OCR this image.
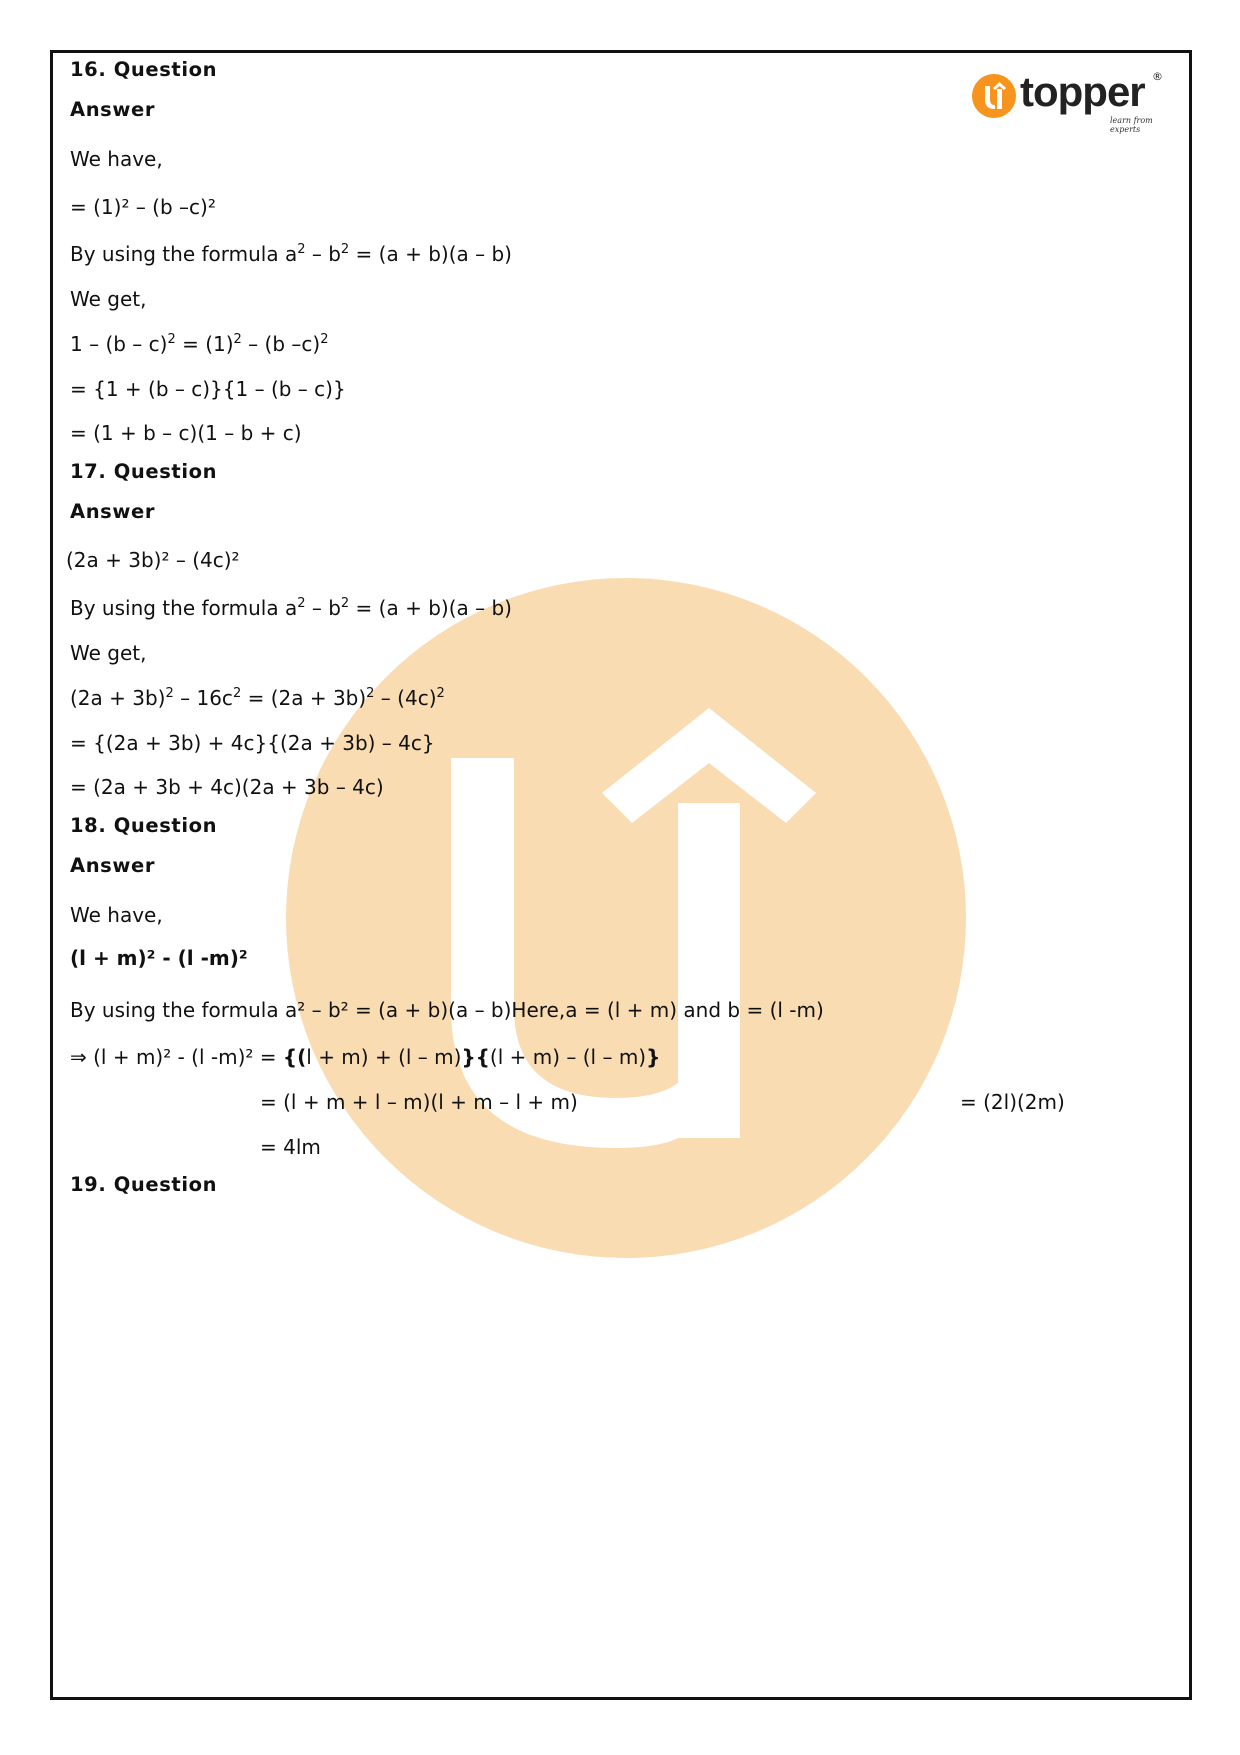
topper ®
learn from experts
16. Question
Answer
We have,
= (1)² – (b –c)²
By using the formula $a^2 - b^2 = (a + b)(a - b)$
We get,
$1 - (b - c)^2 = (1)^2 - (b$ –c)$^2$
= {1 + (b – c)}{1 – (b – c)}
= (1 + b – c)(1 – b + c)
17. Question
Answer
(2a + 3b)² – (4c)²
By using the formula $a^2 - b^2 = (a + b)(a - b)$
We get,
$(2a + 3b)^2 - 16c^2 = (2a + 3b)^2 - (4c)^2$
= {(2a + 3b) + 4c}{(2a + 3b) – 4c}
= (2a + 3b + 4c)(2a + 3b – 4c)
18. Question
Answer
We have,
(l + m)² - (l -m)²
By using the formula a² – b² = (a + b)(a – b)Here,a = (l + m) and b = (l -m)
⇒ (l + m)² - (l -m)² = {(l + m) + (l – m)}{(l + m) – (l – m)}
= (l + m + l – m)(l + m – l + m)	= (2l)(2m)
= 4lm
19. Question
